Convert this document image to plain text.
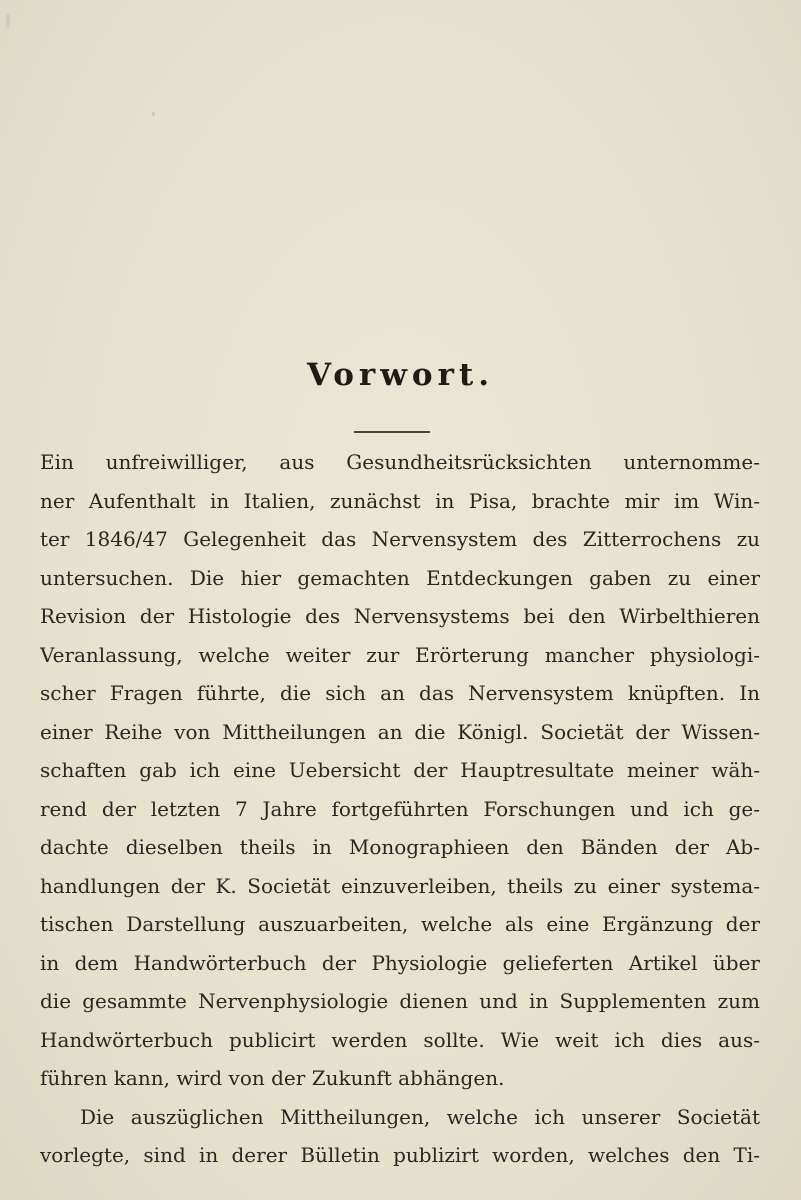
Vorwort.
Ein unfreiwilliger, aus Gesundheitsrücksichten unternomme-
ner Aufenthalt in Italien, zunächst in Pisa, brachte mir im Win-
ter 1846/47 Gelegenheit das Nervensystem des Zitterrochens zu
untersuchen. Die hier gemachten Entdeckungen gaben zu einer
Revision der Histologie des Nervensystems bei den Wirbelthieren
Veranlassung, welche weiter zur Erörterung mancher physiologi-
scher Fragen führte, die sich an das Nervensystem knüpften. In
einer Reihe von Mittheilungen an die Königl. Societät der Wissen-
schaften gab ich eine Uebersicht der Hauptresultate meiner wäh-
rend der letzten 7 Jahre fortgeführten Forschungen und ich ge-
dachte dieselben theils in Monographieen den Bänden der Ab-
handlungen der K. Societät einzuverleiben, theils zu einer systema-
tischen Darstellung auszuarbeiten, welche als eine Ergänzung der
in dem Handwörterbuch der Physiologie gelieferten Artikel über
die gesammte Nervenphysiologie dienen und in Supplementen zum
Handwörterbuch publicirt werden sollte. Wie weit ich dies aus-
führen kann, wird von der Zukunft abhängen.
Die auszüglichen Mittheilungen, welche ich unserer Societät
vorlegte, sind in derer Bülletin publizirt worden, welches den Ti-
